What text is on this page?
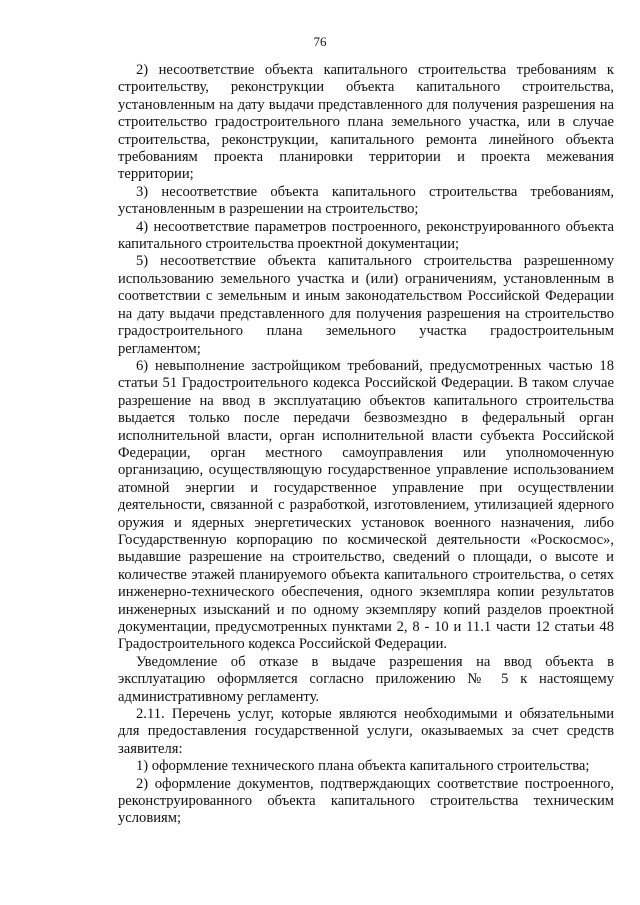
76

2) несоответствие объекта капитального строительства требованиям к строительству, реконструкции объекта капитального строительства, установленным на дату выдачи представленного для получения разрешения на строительство градостроительного плана земельного участка, или в случае строительства, реконструкции, капитального ремонта линейного объекта требованиям проекта планировки территории и проекта межевания территории;

3) несоответствие объекта капитального строительства требованиям, установленным в разрешении на строительство;

4) несоответствие параметров построенного, реконструированного объекта капитального строительства проектной документации;

5) несоответствие объекта капитального строительства разрешенному использованию земельного участка и (или) ограничениям, установленным в соответствии с земельным и иным законодательством Российской Федерации на дату выдачи представленного для получения разрешения на строительство градостроительного плана земельного участка градостроительным регламентом;

6) невыполнение застройщиком требований, предусмотренных частью 18 статьи 51 Градостроительного кодекса Российской Федерации. В таком случае разрешение на ввод в эксплуатацию объектов капитального строительства выдается только после передачи безвозмездно в федеральный орган исполнительной власти, орган исполнительной власти субъекта Российской Федерации, орган местного самоуправления или уполномоченную организацию, осуществляющую государственное управление использованием атомной энергии и государственное управление при осуществлении деятельности, связанной с разработкой, изготовлением, утилизацией ядерного оружия и ядерных энергетических установок военного назначения, либо Государственную корпорацию по космической деятельности «Роскосмос», выдавшие разрешение на строительство, сведений о площади, о высоте и количестве этажей планируемого объекта капитального строительства, о сетях инженерно-технического обеспечения, одного экземпляра копии результатов инженерных изысканий и по одному экземпляру копий разделов проектной документации, предусмотренных пунктами 2, 8 - 10 и 11.1 части 12 статьи 48 Градостроительного кодекса Российской Федерации.

Уведомление об отказе в выдаче разрешения на ввод объекта в эксплуатацию оформляется согласно приложению № 5 к настоящему административному регламенту.

2.11. Перечень услуг, которые являются необходимыми и обязательными для предоставления государственной услуги, оказываемых за счет средств заявителя:

1) оформление технического плана объекта капитального строительства;

2) оформление документов, подтверждающих соответствие построенного, реконструированного объекта капитального строительства техническим условиям;
